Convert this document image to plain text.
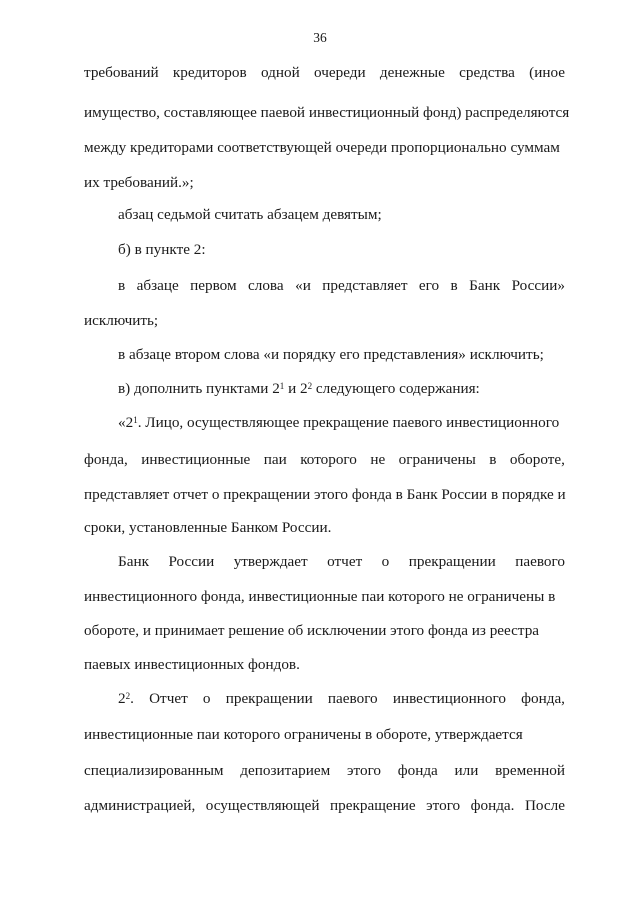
36
требований кредиторов одной очереди денежные средства (иное
имущество, составляющее паевой инвестиционный фонд) распределяются
между кредиторами соответствующей очереди пропорционально суммам
их требований.»;
абзац седьмой считать абзацем девятым;
б) в пункте 2:
в абзаце первом слова «и представляет его в Банк России»
исключить;
в абзаце втором слова «и порядку его представления» исключить;
в) дополнить пунктами $2^1$ и $2^2$ следующего содержания:
«$2^1$. Лицо, осуществляющее прекращение паевого инвестиционного
фонда, инвестиционные паи которого не ограничены в обороте,
представляет отчет о прекращении этого фонда в Банк России в порядке и
сроки, установленные Банком России.
Банк России утверждает отчет о прекращении паевого
инвестиционного фонда, инвестиционные паи которого не ограничены в
обороте, и принимает решение об исключении этого фонда из реестра
паевых инвестиционных фондов.
$2^2$. Отчет о прекращении паевого инвестиционного фонда,
инвестиционные паи которого ограничены в обороте, утверждается
специализированным депозитарием этого фонда или временной
администрацией, осуществляющей прекращение этого фонда. После
